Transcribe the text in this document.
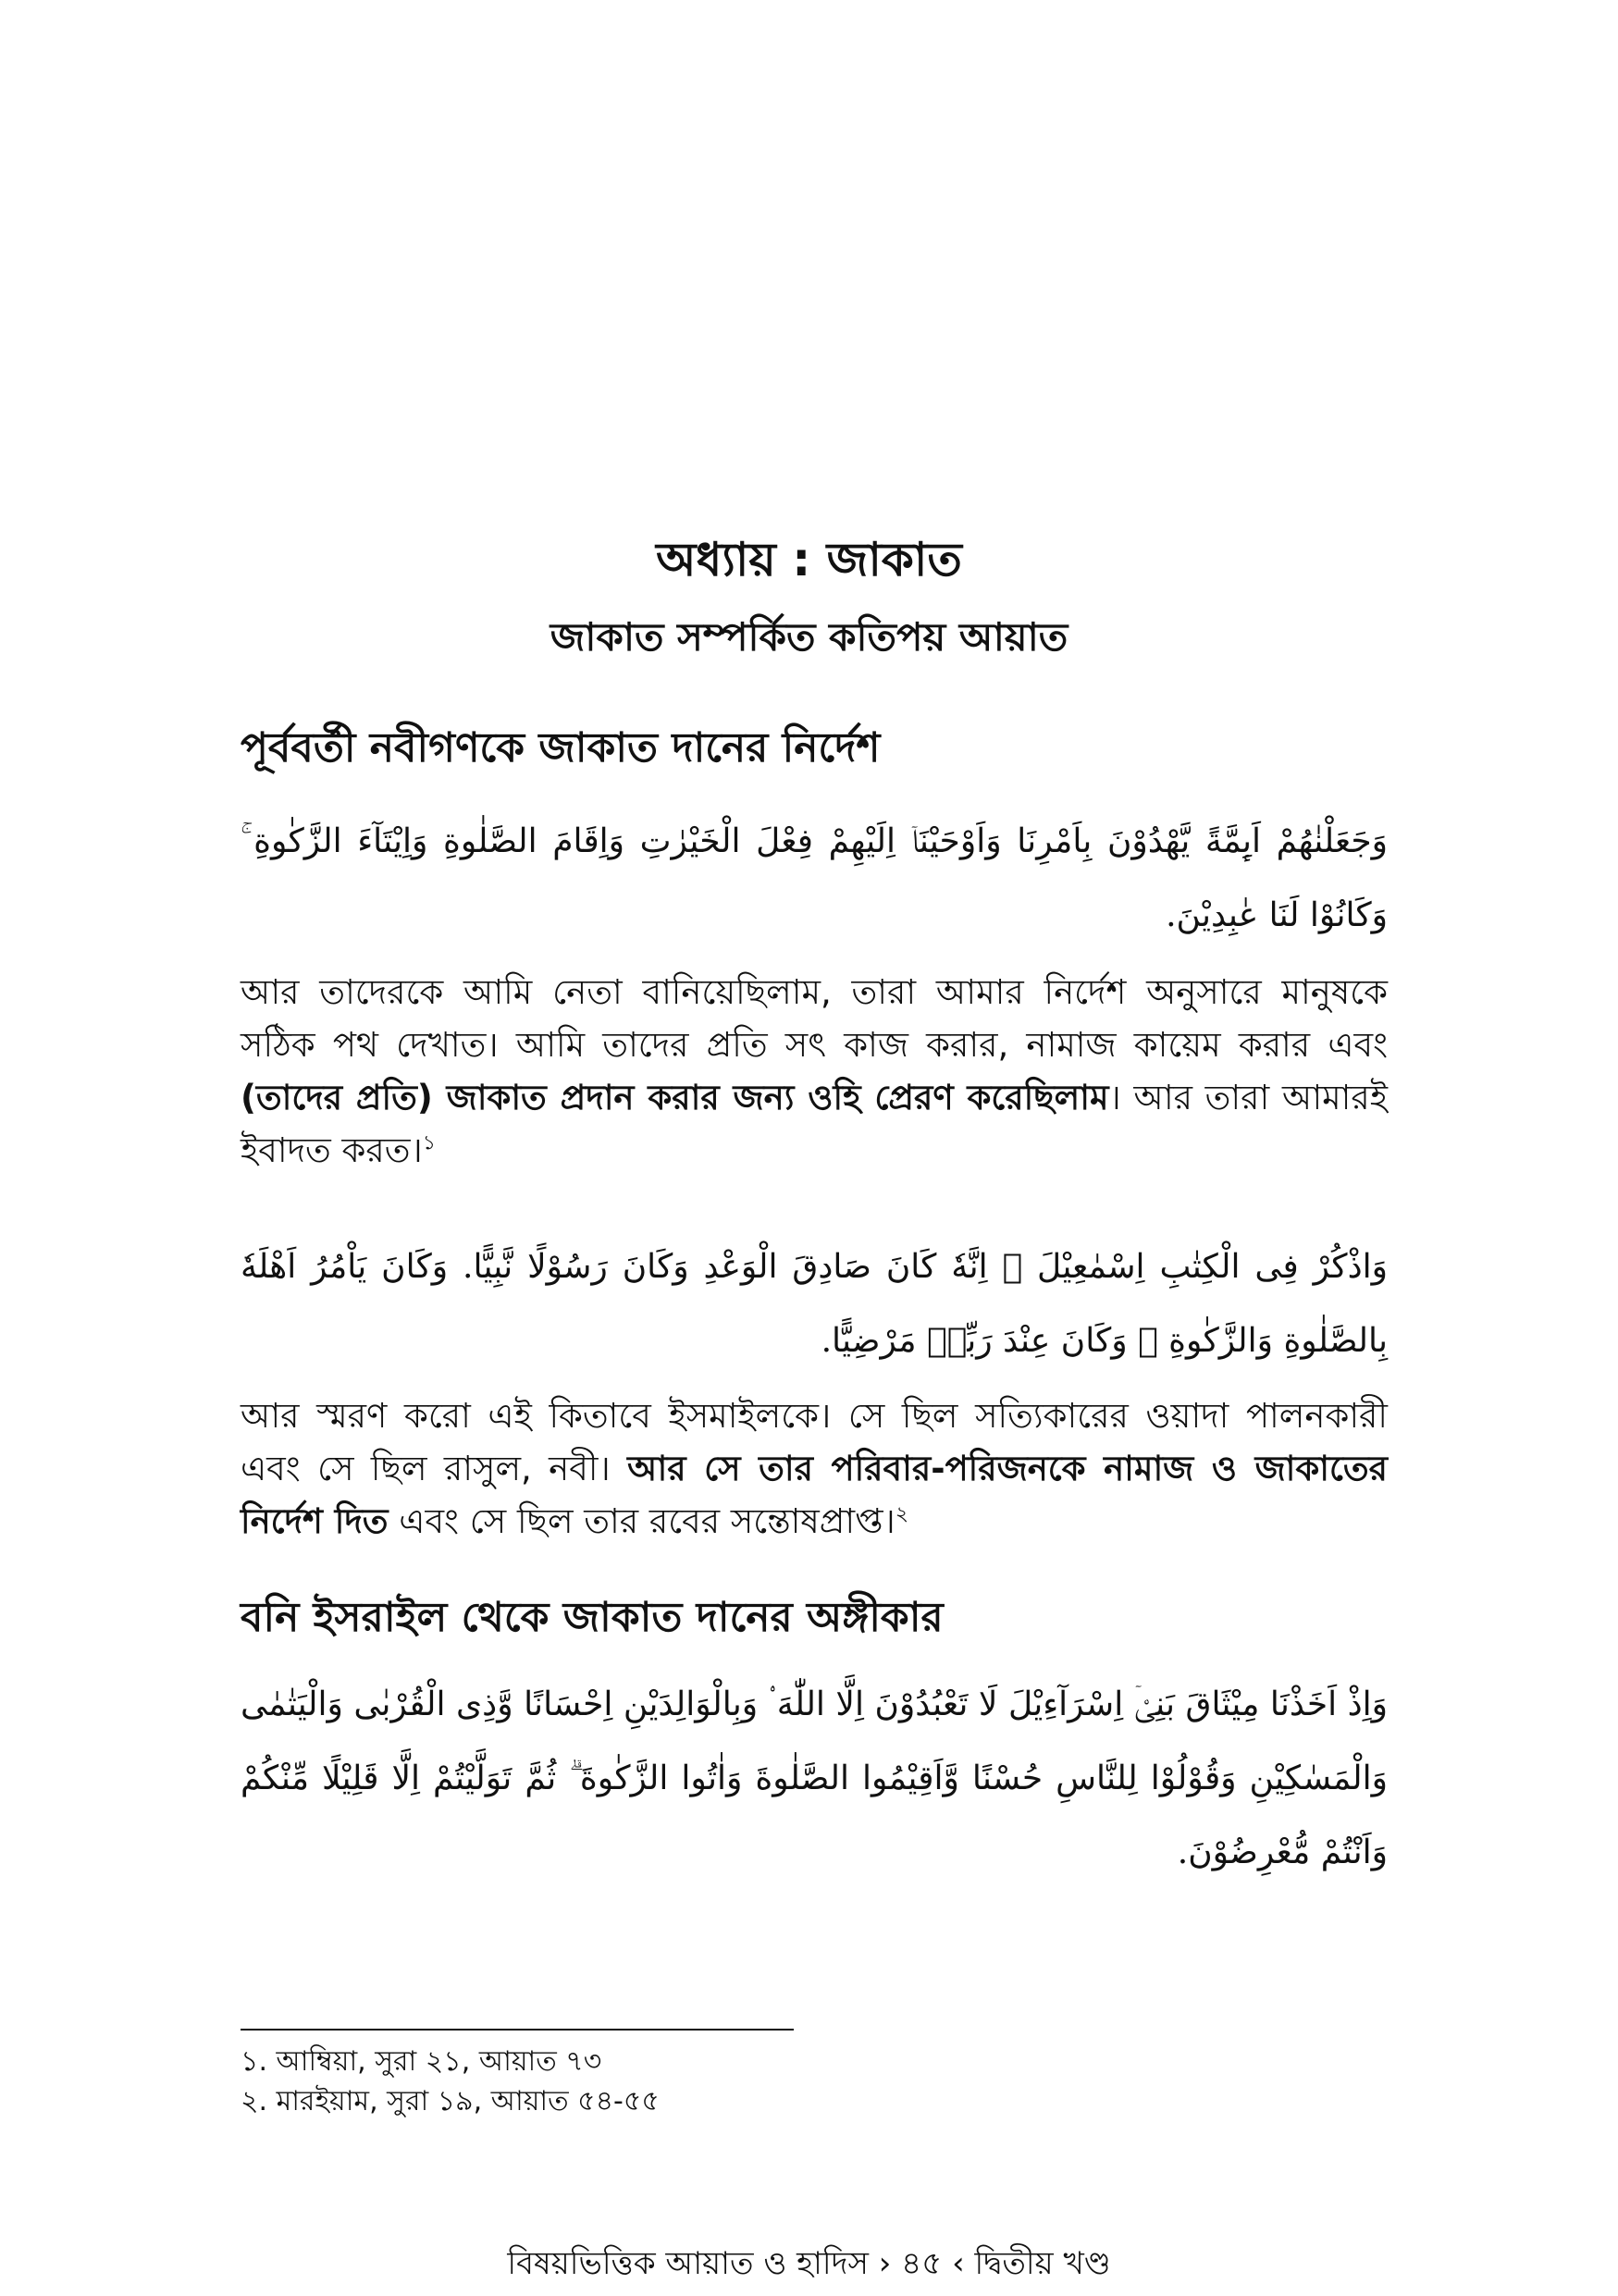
অধ্যায় : জাকাত
জাকাত সম্পর্কিত কতিপয় আয়াত
পূর্ববর্তী নবীগণকে জাকাত দানের নির্দেশ
وَجَعَلْنٰهُمْ اَىِٕمَّةً يَّهْدُوْنَ بِاَمْرِنَا وَاَوْحَيْنَاۤ اِلَيْهِمْ فِعْلَ الْخَيْرٰتِ وَاِقَامَ الصَّلٰوةِ وَاِيْتَآءَ الزَّكٰوةِ ۚ وَكَانُوْا لَنَا عٰبِدِيْنَ.
আর তাদেরকে আমি নেতা বানিয়েছিলাম, তারা আমার নির্দেশ অনুসারে মানুষকে সঠিক পথ দেখাত। আমি তাদের প্রতি সৎ কাজ করার, নামাজ কায়েম করার এবং (তাদের প্রতি) জাকাত প্রদান করার জন্য ওহি প্রেরণ করেছিলাম। আর তারা আমারই ইবাদত করত।$^১$
وَاذْكُرْ فِى الْكِتٰبِ اِسْمٰعِيْلَ ۫ اِنَّهٗ كَانَ صَادِقَ الْوَعْدِ وَكَانَ رَسُوْلًا نَّبِيًّا. وَكَانَ يَاْمُرُ اَهْلَهٗ بِالصَّلٰوةِ وَالزَّكٰوةِ ۪ وَكَانَ عِنْدَ رَبِّهٖ مَرْضِيًّا.
আর স্মরণ করো এই কিতাবে ইসমাইলকে। সে ছিল সত্যিকারের ওয়াদা পালনকারী এবং সে ছিল রাসুল, নবী। আর সে তার পরিবার-পরিজনকে নামাজ ও জাকাতের নির্দেশ দিত এবং সে ছিল তার রবের সন্তোষপ্রাপ্ত।$^২$
বনি ইসরাইল থেকে জাকাত দানের অঙ্গীকার
وَاِذْ اَخَذْنَا مِيْثَاقَ بَنِىْۤ اِسْرَآءِيْلَ لَا تَعْبُدُوْنَ اِلَّا اللّٰهَ ۟ وَبِالْوَالِدَيْنِ اِحْسَانًا وَّذِى الْقُرْبٰى وَالْيَتٰمٰى وَالْمَسٰكِيْنِ وَقُوْلُوْا لِلنَّاسِ حُسْنًا وَّاَقِيْمُوا الصَّلٰوةَ وَاٰتُوا الزَّكٰوةَ ۗ ثُمَّ تَوَلَّيْتُمْ اِلَّا قَلِيْلًا مِّنْكُمْ وَاَنْتُمْ مُّعْرِضُوْنَ.
১. আম্বিয়া, সুরা ২১, আয়াত ৭৩
২. মারইয়াম, সুরা ১৯, আয়াত ৫৪-৫৫
বিষয়ভিত্তিক আয়াত ও হাদিস › ৪৫ ‹ দ্বিতীয় খণ্ড
